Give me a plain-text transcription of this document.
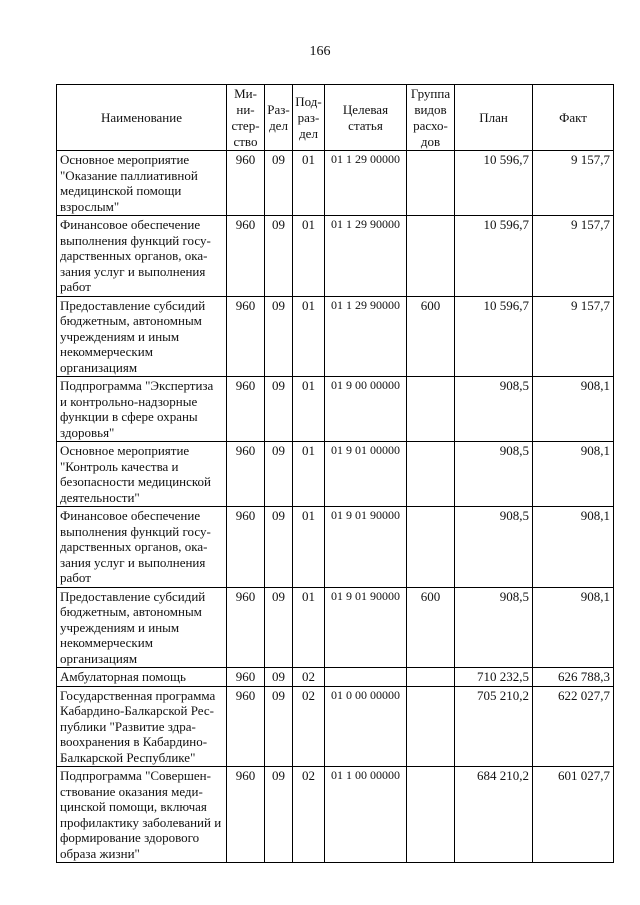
166
Наименование	Ми-ни-стер-ство	Раз-дел	Под-раз-дел	Целевая статья	Группа видов расхо-дов	План	Факт
Основное мероприятие "Оказание паллиативной медицинской помощи взрослым"	960	09	01	01 1 29 00000		10 596,7	9 157,7
Финансовое обеспечение выполнения функций госу-дарственных органов, ока-зания услуг и выполнения работ	960	09	01	01 1 29 90000		10 596,7	9 157,7
Предоставление субсидий бюджетным, автономным учреждениям и иным некоммерческим организациям	960	09	01	01 1 29 90000	600	10 596,7	9 157,7
Подпрограмма "Экспертиза и контрольно-надзорные функции в сфере охраны здоровья"	960	09	01	01 9 00 00000		908,5	908,1
Основное мероприятие "Контроль качества и безопасности медицинской деятельности"	960	09	01	01 9 01 00000		908,5	908,1
Финансовое обеспечение выполнения функций госу-дарственных органов, ока-зания услуг и выполнения работ	960	09	01	01 9 01 90000		908,5	908,1
Предоставление субсидий бюджетным, автономным учреждениям и иным некоммерческим организациям	960	09	01	01 9 01 90000	600	908,5	908,1
Амбулаторная помощь	960	09	02			710 232,5	626 788,3
Государственная программа Кабардино-Балкарской Рес-публики "Развитие здра-воохранения в Кабардино-Балкарской Республике"	960	09	02	01 0 00 00000		705 210,2	622 027,7
Подпрограмма "Совершен-ствование оказания меди-цинской помощи, включая профилактику заболеваний и формирование здорового образа жизни"	960	09	02	01 1 00 00000		684 210,2	601 027,7
